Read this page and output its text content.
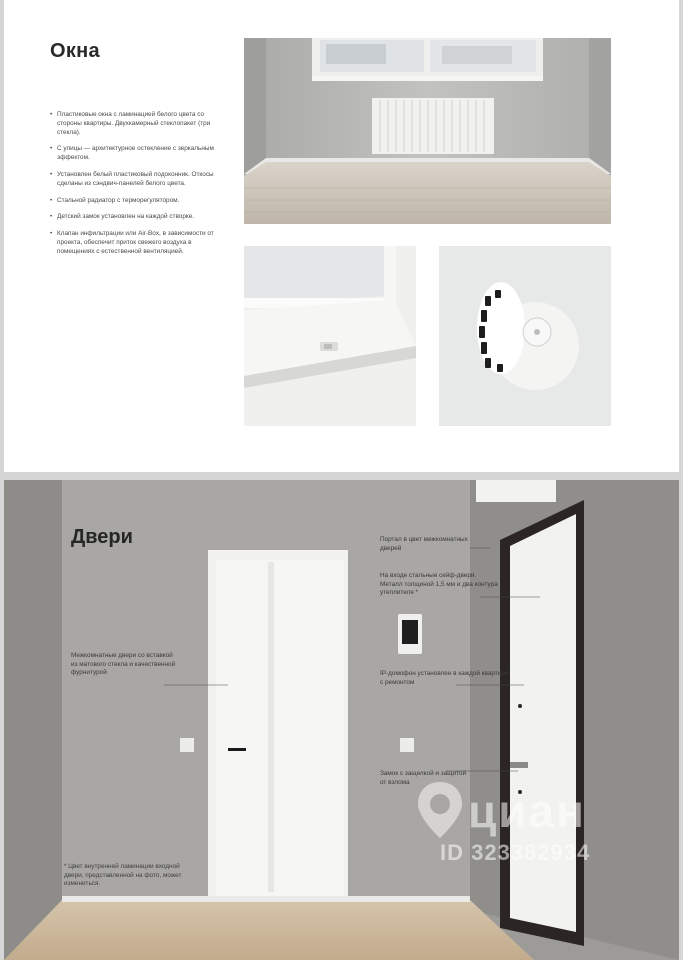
Окна
• Пластиковые окна с ламинацией белого цвета со стороны квартиры. Двухкамерный стеклопакет (три стекла).
• С улицы — архитектурное остекление с зеркальным эффектом.
• Установлен белый пластиковый подоконник. Откосы сделаны из сэндвич-панелей белого цвета.
• Стальной радиатор с терморегулятором.
• Детский замок установлен на каждой створке.
• Клапан инфильтрации или Air-Box, в зависимости от проекта, обеспечит приток свежего воздуха в помещениях с естественной вентиляцией.
Двери

Межкомнатные двери со вставкой из матового стекла и качественной фурнитурой

Портал в цвет межкомнатных дверей

На входе стальные сейф-двери. Металл толщиной 1,5 мм и два контура утеплителя *

IP-домофон установлен в каждой квартире с ремонтом

Замок с защелкой и защитой от взлома

* Цвет внутренней ламинации входной двери, представленной на фото, может измениться.

циан
ID 323382934
